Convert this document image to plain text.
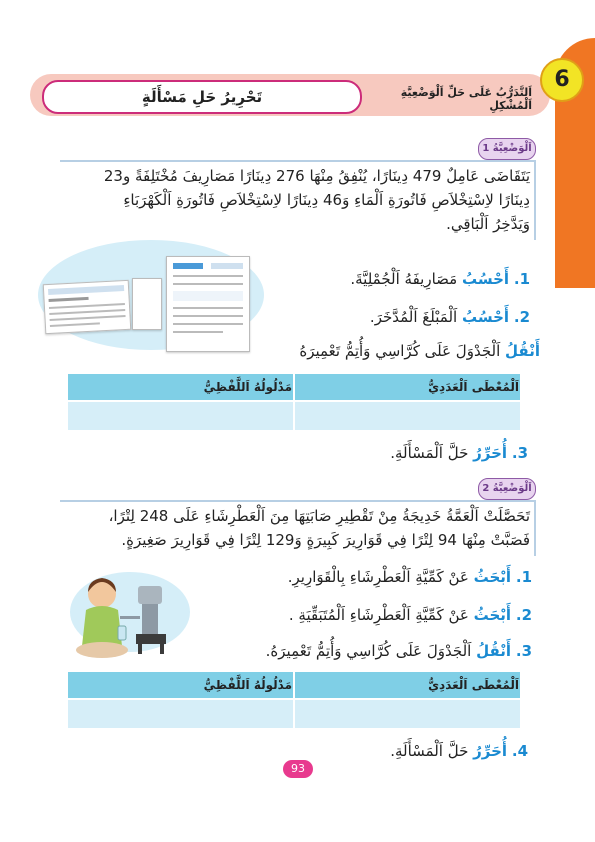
تَحْرِيرُ حَلِ مَسْأَلَةٍ	اَلتَّدَرُّبُ عَلَى حَلِّ اَلْوَضْعِيَّةِ اَلْمُشْكِلِ
6
اَلْوَضْعِيَّةُ 1
يَتَقَاضَى عَامِلٌ 479 دِينَارًا، يُنْفِقُ مِنْهَا 276 دِينَارًا مَصَارِيفَ مُخْتَلِفَةً و23
دِينَارًا لاِسْتِخْلاَصِ فَاتُورَةِ اَلْمَاءِ وَ46 دِينَارًا لاِسْتِخْلاَصِ فَاتُورَةِ اَلْكَهْرَبَاءِ
وَيَدَّخِرُ اَلْبَاقِي.
1. أَحْسُبُ مَصَارِيفَهُ اَلْجُمْلِيَّةَ.
2. أَحْسُبُ اَلْمَبْلَغَ اَلْمُدَّخَرَ.
أَنْقُلُ اَلْجَدْوَلَ عَلَى كُرَّاسِي وَأُتِمُّ تَعْمِيرَهُ
اَلْمُعْطَى اَلْعَدَدِيُّ	مَدْلُولُهُ اَللَّفْظِيُّ

3. أُحَرِّرُ حَلَّ اَلْمَسْأَلَةِ.
اَلْوَضْعِيَّةُ 2
تَحَصَّلَتْ اَلْعَمَّةُ خَدِيجَةُ مِنْ تَقْطِيرِ صَابَتِهَا مِنَ اَلْعَطْرِشَاءِ عَلَى 248 لِتْرًا،
فَصَبَّتْ مِنْهَا 94 لِتْرًا فِي قَوَارِيرَ كَبِيرَةٍ وَ129 لِتْرًا فِي قَوَارِيرَ صَغِيرَةٍ.
1. أَبْحَثُ عَنْ كَمِّيَّةِ اَلْعَطْرِشَاءِ بِالْقَوَارِيرِ.
2. أَبْحَثُ عَنْ كَمِّيَّةِ اَلْعَطْرِشَاءِ اَلْمُتَبَقِّيَةِ .
3. أَنْقُلُ اَلْجَدْوَلَ عَلَى كُرَّاسِي وَأُتِمُّ تَعْمِيرَهُ.
اَلْمُعْطَى اَلْعَدَدِيُّ	مَدْلُولُهُ اَللَّفْظِيُّ

4. أُحَرِّرُ حَلَّ اَلْمَسْأَلَةِ.
93
